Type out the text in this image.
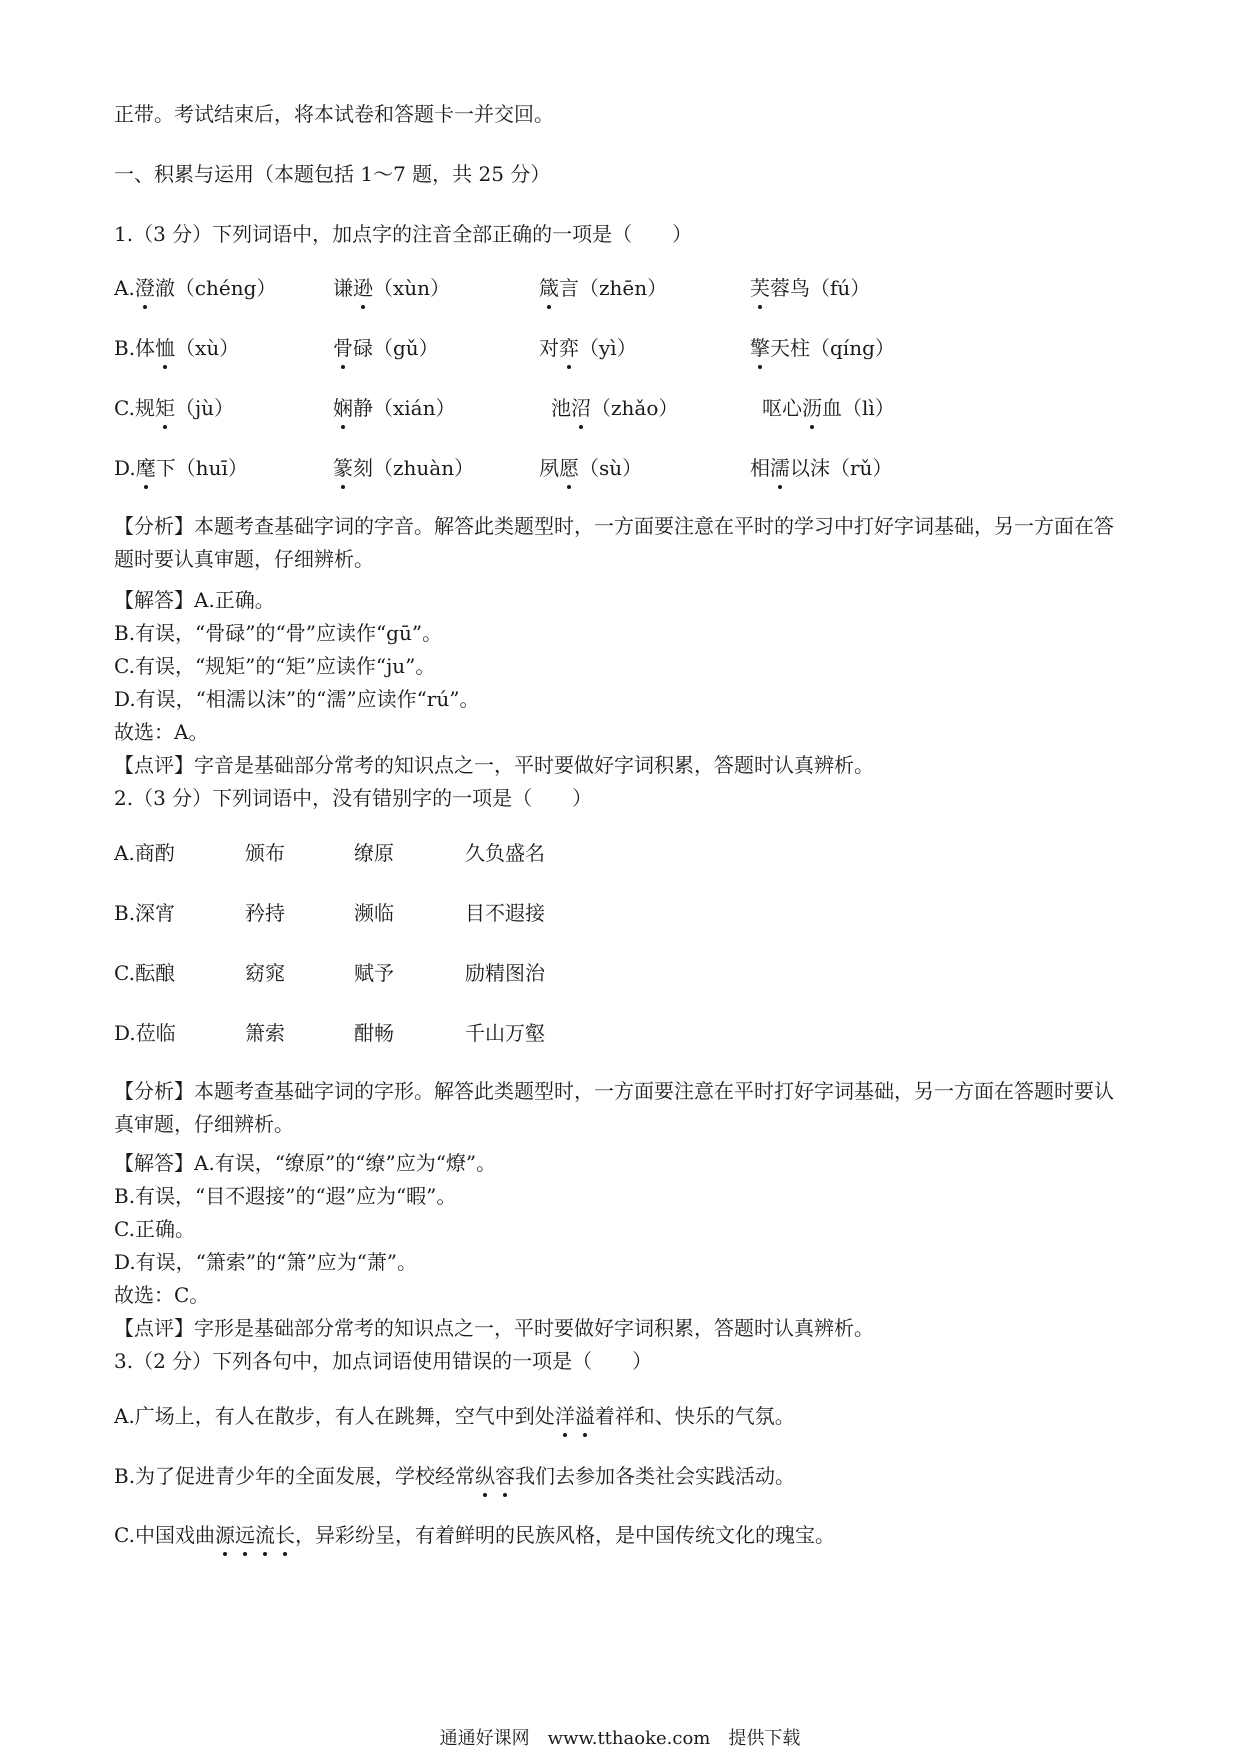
正带。考试结束后，将本试卷和答题卡一并交回。
一、积累与运用（本题包括 1～7 题，共 25 分）
1.（3 分）下列词语中，加点字的注音全部正确的一项是（　　）
A.澄澈（chéng）	谦逊（xùn）	箴言（zhēn）	芙蓉鸟（fú）
B.体恤（xù）	骨碌（gǔ）	对弈（yì）	擎天柱（qíng）
C.规矩（jù）	娴静（xián）	池沼（zhǎo）	呕心沥血（lì）
D.麾下（huī）	篆刻（zhuàn）	夙愿（sù）	相濡以沫（rǔ）
【分析】本题考查基础字词的字音。解答此类题型时，一方面要注意在平时的学习中打好字词基础，另一方面在答题时要认真审题，仔细辨析。
【解答】A.正确。
B.有误，“骨碌”的“骨”应读作“gū”。
C.有误，“规矩”的“矩”应读作“ju”。
D.有误，“相濡以沫”的“濡”应读作“rú”。
故选：A。
【点评】字音是基础部分常考的知识点之一，平时要做好字词积累，答题时认真辨析。
2.（3 分）下列词语中，没有错别字的一项是（　　）
A.商酌	颁布	缭原	久负盛名
B.深宵	矜持	濒临	目不遐接
C.酝酿	窈窕	赋予	励精图治
D.莅临	箫索	酣畅	千山万壑
【分析】本题考查基础字词的字形。解答此类题型时，一方面要注意在平时打好字词基础，另一方面在答题时要认真审题，仔细辨析。
【解答】A.有误，“缭原”的“缭”应为“燎”。
B.有误，“目不遐接”的“遐”应为“暇”。
C.正确。
D.有误，“箫索”的“箫”应为“萧”。
故选：C。
【点评】字形是基础部分常考的知识点之一，平时要做好字词积累，答题时认真辨析。
3.（2 分）下列各句中，加点词语使用错误的一项是（　　）
A.广场上，有人在散步，有人在跳舞，空气中到处洋溢着祥和、快乐的气氛。
B.为了促进青少年的全面发展，学校经常纵容我们去参加各类社会实践活动。
C.中国戏曲源远流长，异彩纷呈，有着鲜明的民族风格，是中国传统文化的瑰宝。
通通好课网　www.tthaoke.com　提供下载
